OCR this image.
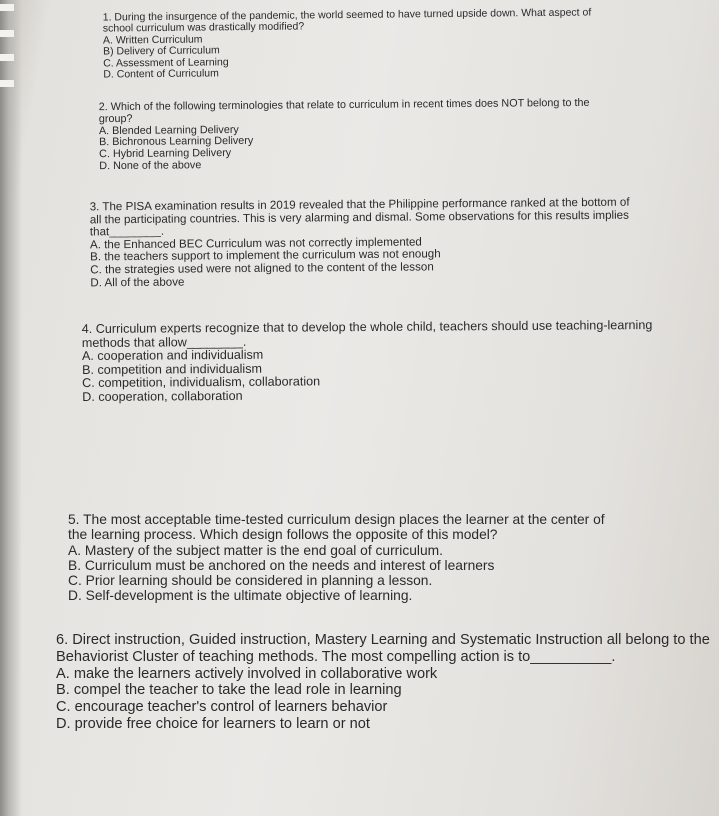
1. During the insurgence of the pandemic, the world seemed to have turned upside down. What aspect of
school curriculum was drastically modified?
A. Written Curriculum
B) Delivery of Curriculum
C. Assessment of Learning
D. Content of Curriculum
2. Which of the following terminologies that relate to curriculum in recent times does NOT belong to the
group?
A. Blended Learning Delivery
B. Bichronous Learning Delivery
C. Hybrid Learning Delivery
D. None of the above
3. The PISA examination results in 2019 revealed that the Philippine performance ranked at the bottom of
all the participating countries. This is very alarming and dismal. Some observations for this results implies
that________.
A. the Enhanced BEC Curriculum was not correctly implemented
B. the teachers support to implement the curriculum was not enough
C. the strategies used were not aligned to the content of the lesson
D. All of the above
4. Curriculum experts recognize that to develop the whole child, teachers should use teaching-learning
methods that allow________.
A. cooperation and individualism
B. competition and individualism
C. competition, individualism, collaboration
D. cooperation, collaboration
5. The most acceptable time-tested curriculum design places the learner at the center of
the learning process. Which design follows the opposite of this model?
A. Mastery of the subject matter is the end goal of curriculum.
B. Curriculum must be anchored on the needs and interest of learners
C. Prior learning should be considered in planning a lesson.
D. Self-development is the ultimate objective of learning.
6. Direct instruction, Guided instruction, Mastery Learning and Systematic Instruction all belong to the
Behaviorist Cluster of teaching methods. The most compelling action is to__________.
A. make the learners actively involved in collaborative work
B. compel the teacher to take the lead role in learning
C. encourage teacher's control of learners behavior
D. provide free choice for learners to learn or not
